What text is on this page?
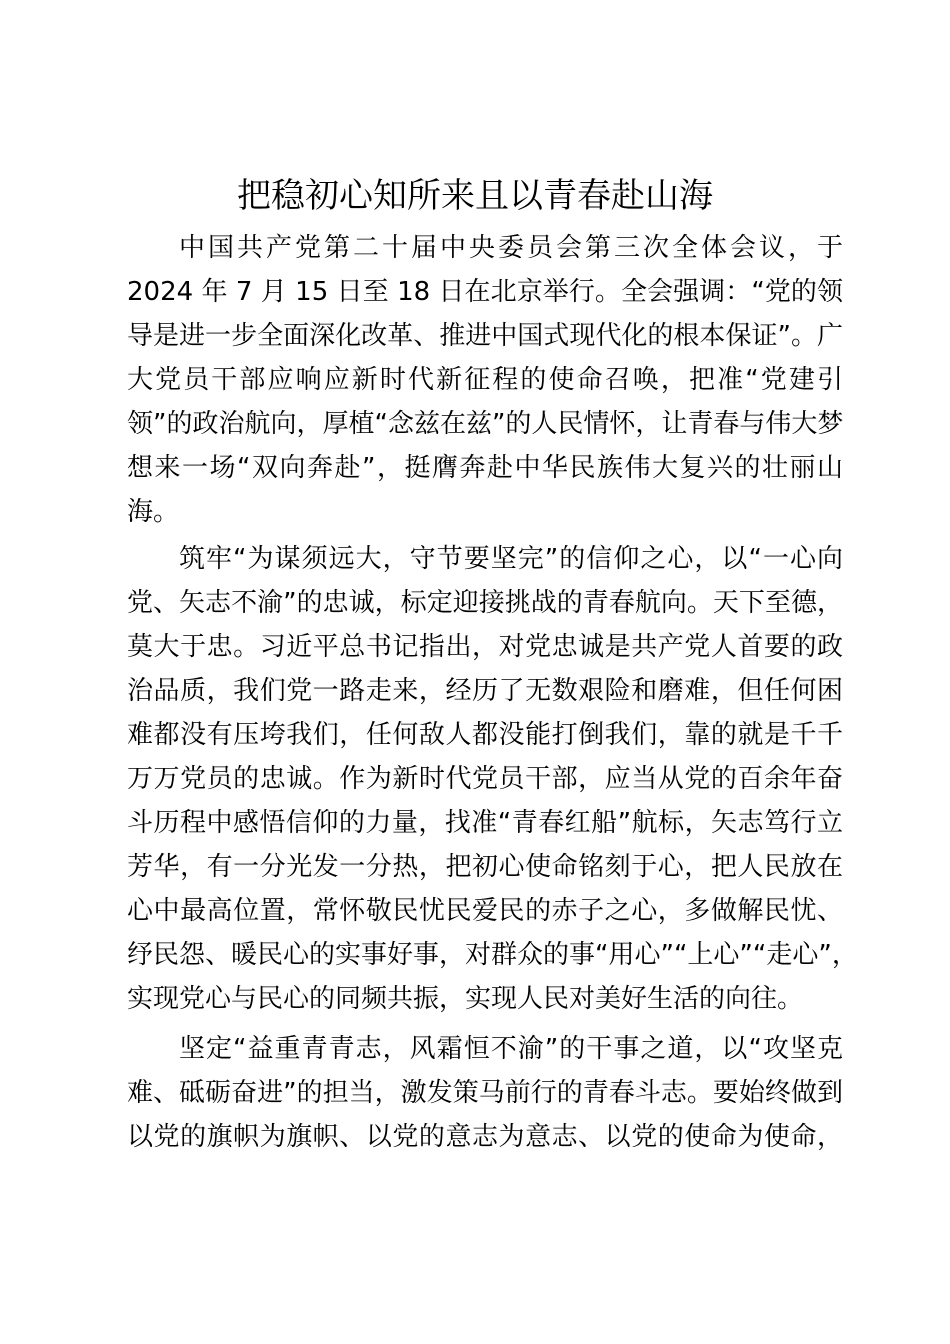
把稳初心知所来且以青春赴山海
中国共产党第二十届中央委员会第三次全体会议，于
2024 年 7 月 15 日至 18 日在北京举行。全会强调：“党的领
导是进一步全面深化改革、推进中国式现代化的根本保证”。广
大党员干部应响应新时代新征程的使命召唤，把准“党建引
领”的政治航向，厚植“念兹在兹”的人民情怀，让青春与伟大梦
想来一场“双向奔赴”，挺膺奔赴中华民族伟大复兴的壮丽山
海。
筑牢“为谋须远大，守节要坚完”的信仰之心，以“一心向
党、矢志不渝”的忠诚，标定迎接挑战的青春航向。天下至德，
莫大于忠。习近平总书记指出，对党忠诚是共产党人首要的政
治品质，我们党一路走来，经历了无数艰险和磨难，但任何困
难都没有压垮我们，任何敌人都没能打倒我们，靠的就是千千
万万党员的忠诚。作为新时代党员干部，应当从党的百余年奋
斗历程中感悟信仰的力量，找准“青春红船”航标，矢志笃行立
芳华，有一分光发一分热，把初心使命铭刻于心，把人民放在
心中最高位置，常怀敬民忧民爱民的赤子之心，多做解民忧、
纾民怨、暖民心的实事好事，对群众的事“用心”“上心”“走心”，
实现党心与民心的同频共振，实现人民对美好生活的向往。
坚定“益重青青志，风霜恒不渝”的干事之道，以“攻坚克
难、砥砺奋进”的担当，激发策马前行的青春斗志。要始终做到
以党的旗帜为旗帜、以党的意志为意志、以党的使命为使命，
